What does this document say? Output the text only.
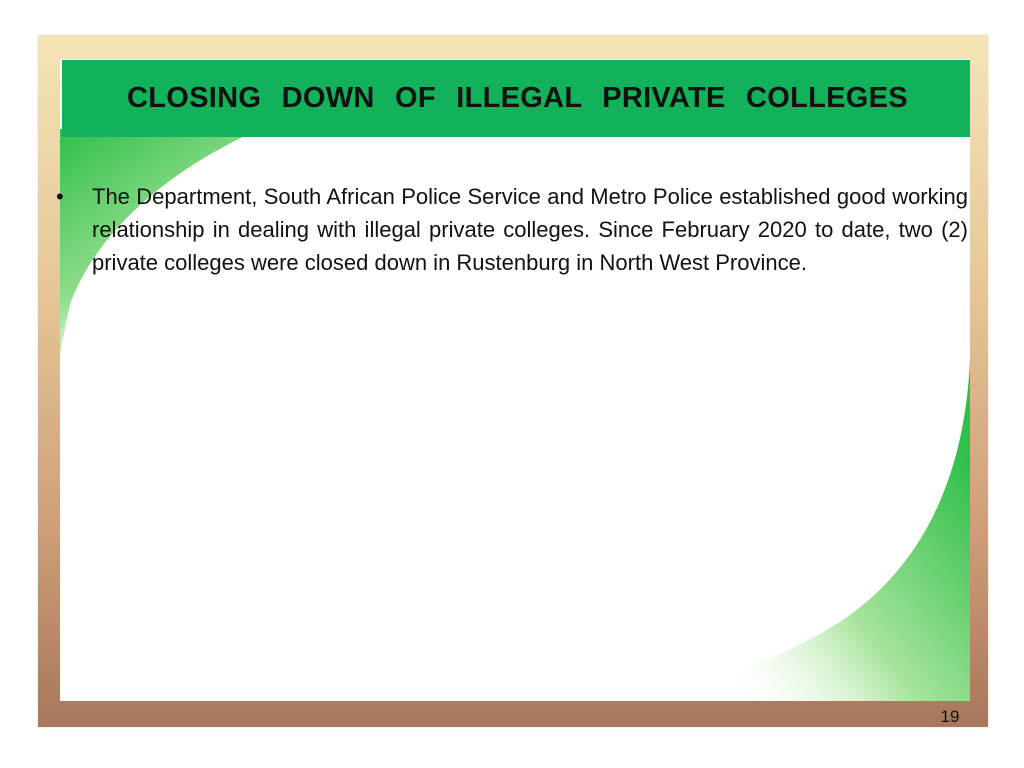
CLOSING DOWN OF ILLEGAL PRIVATE COLLEGES
•	The Department, South African Police Service and Metro Police established good working relationship in dealing with illegal private colleges. Since February 2020 to date, two (2) private colleges were closed down in Rustenburg in North West Province.
19
